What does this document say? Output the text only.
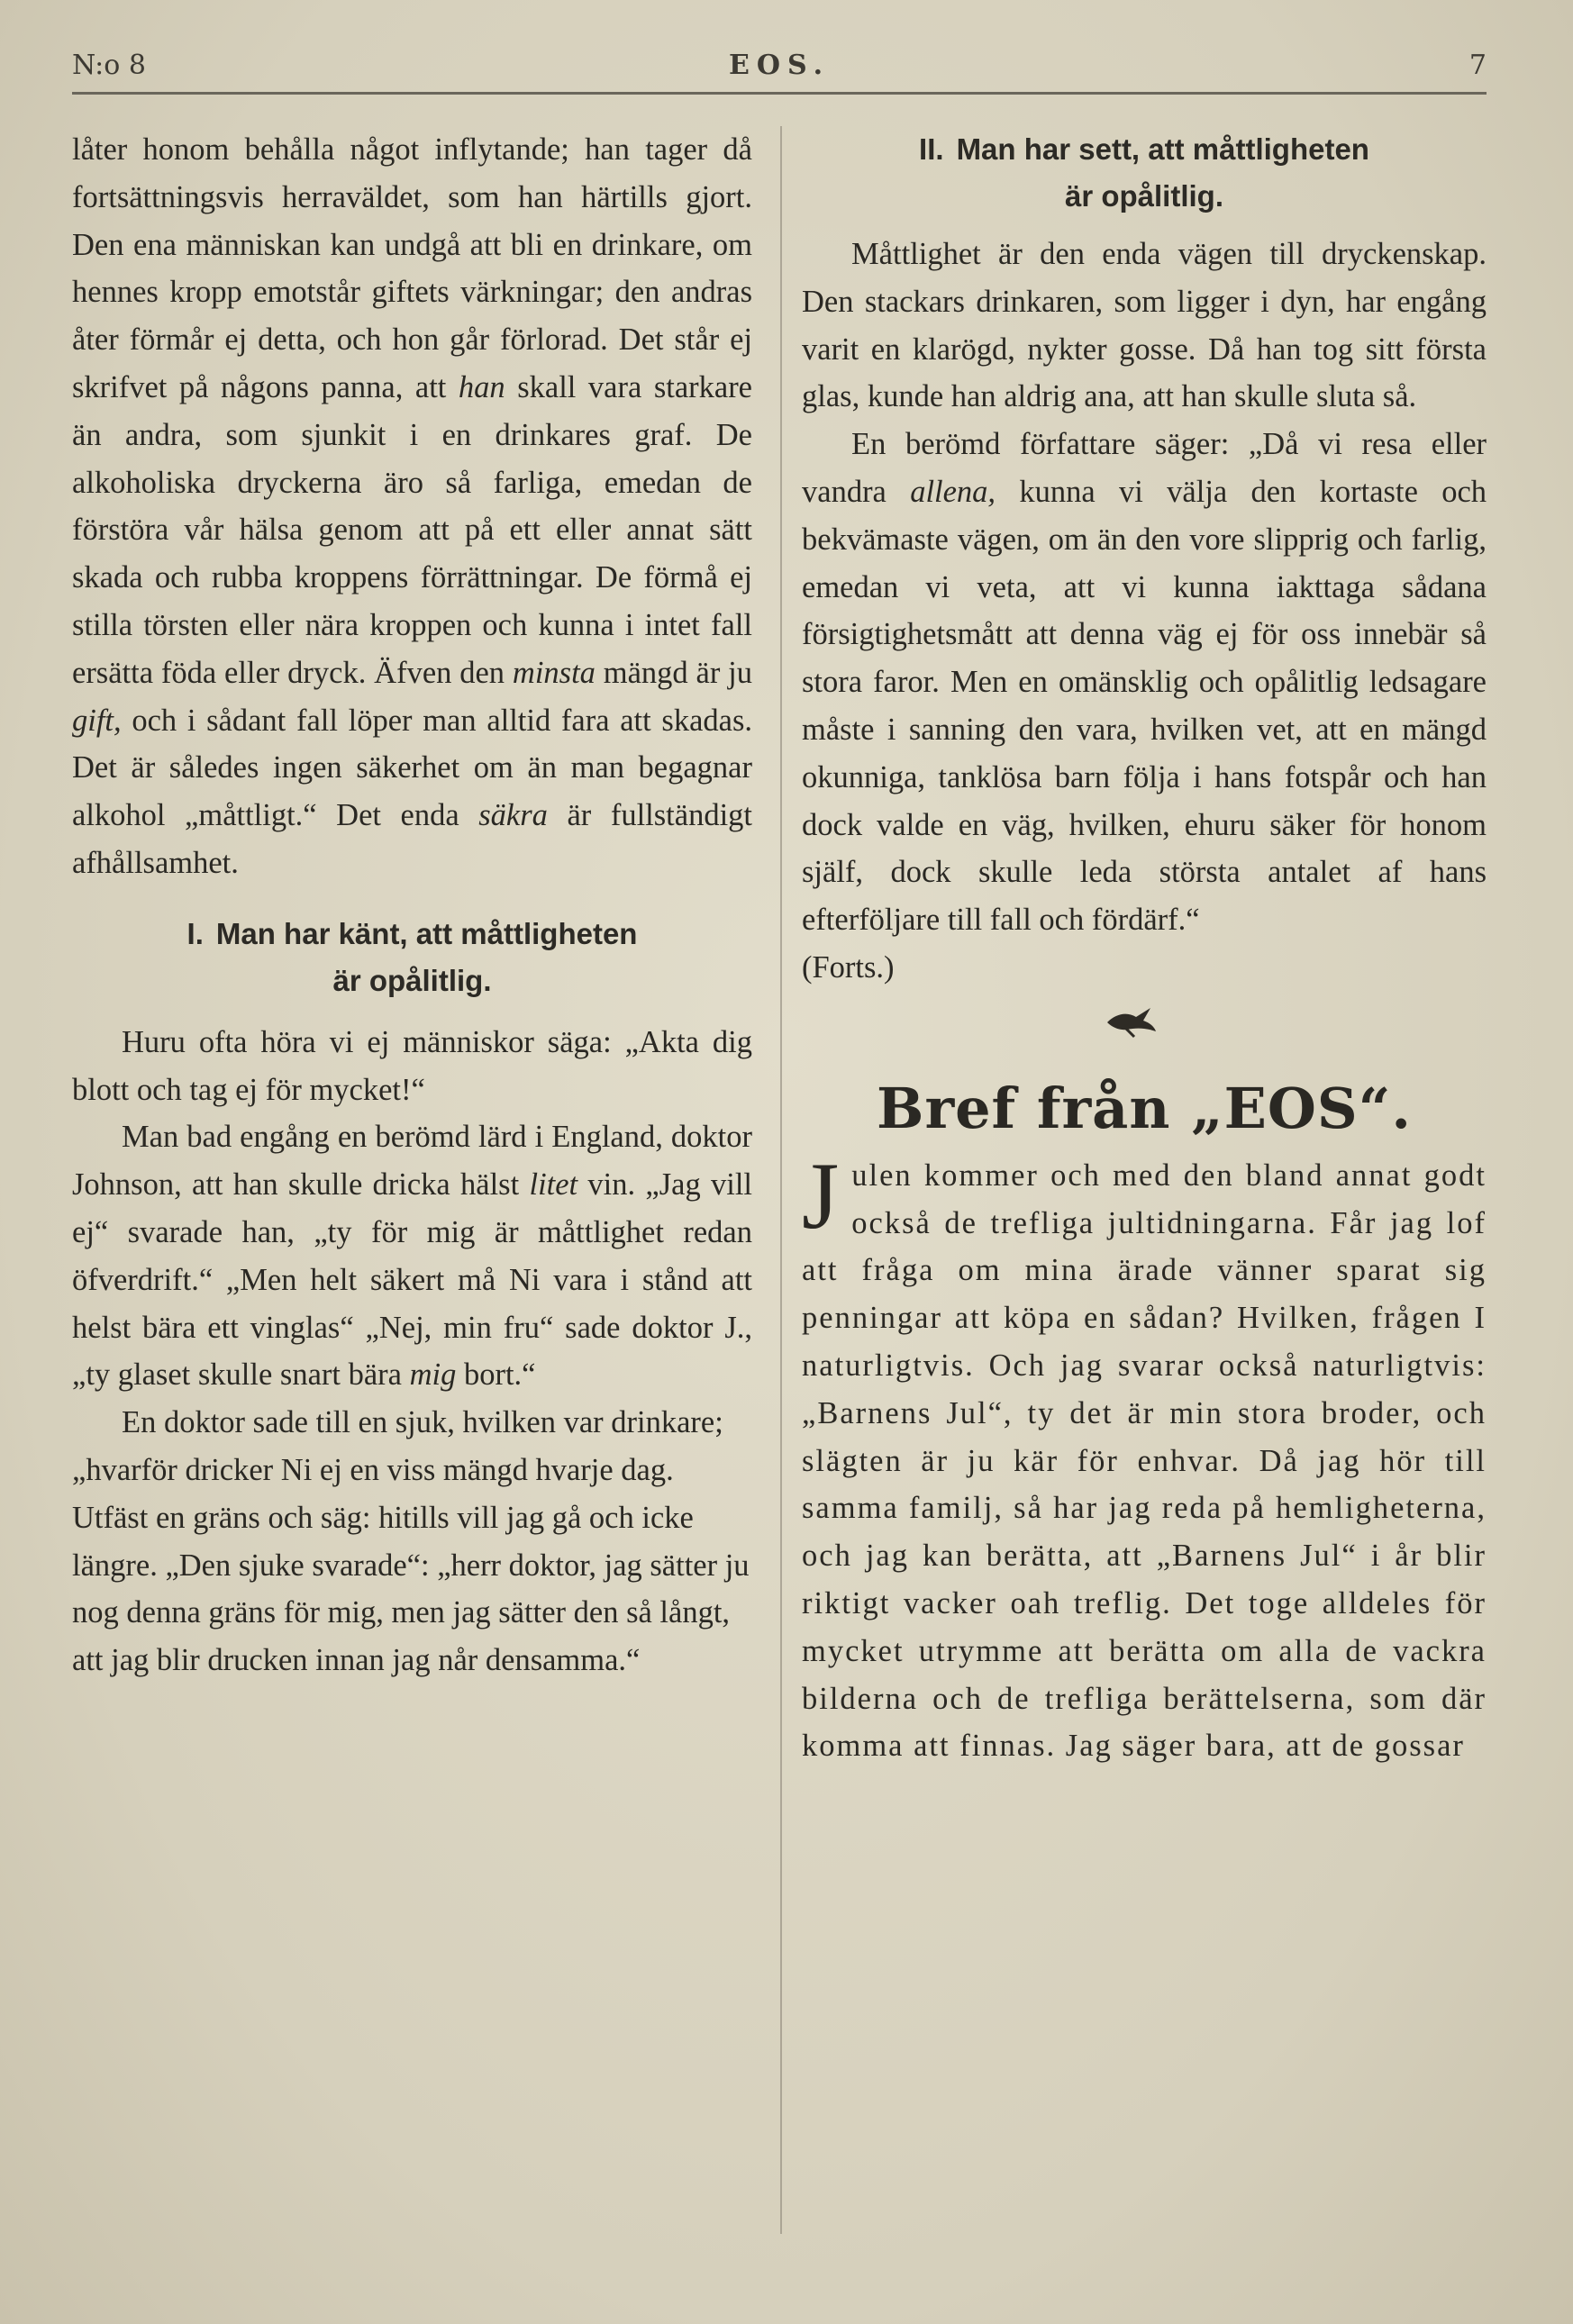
N:o 8	EOS.	7

låter honom behålla något inflytande; han tager då fortsättningsvis herraväldet, som han härtills gjort. Den ena människan kan undgå att bli en drinkare, om hennes kropp emotstår giftets värkningar; den andras åter förmår ej detta, och hon går förlorad. Det står ej skrifvet på någons panna, att han skall vara starkare än andra, som sjunkit i en drinkares graf. De alkoholiska dryckerna äro så farliga, emedan de förstöra vår hälsa genom att på ett eller annat sätt skada och rubba kroppens förrättningar. De förmå ej stilla törsten eller nära kroppen och kunna i intet fall ersätta föda eller dryck. Äfven den minsta mängd är ju gift, och i sådant fall löper man alltid fara att skadas. Det är således ingen säkerhet om än man begagnar alkohol „måttligt.“ Det enda säkra är fullständigt afhållsamhet.

I. Man har känt, att måttligheten
är opålitlig.

Huru ofta höra vi ej människor säga: „Akta dig blott och tag ej för mycket!“

Man bad engång en berömd lärd i England, doktor Johnson, att han skulle dricka hälst litet vin. „Jag vill ej“ svarade han, „ty för mig är måttlighet redan öfverdrift.“ „Men helt säkert må Ni vara i stånd att helst bära ett vinglas“ „Nej, min fru“ sade doktor J., „ty glaset skulle snart bära mig bort.“

En doktor sade till en sjuk, hvilken var drinkare; „hvarför dricker Ni ej en viss mängd hvarje dag. Utfäst en gräns och säg: hitills vill jag gå och icke längre. „Den sjuke svarade“: „herr doktor, jag sätter ju nog denna gräns för mig, men jag sätter den så långt, att jag blir drucken innan jag når densamma.“

II. Man har sett, att måttligheten
är opålitlig.

Måttlighet är den enda vägen till dryckenskap. Den stackars drinkaren, som ligger i dyn, har engång varit en klarögd, nykter gosse. Då han tog sitt första glas, kunde han aldrig ana, att han skulle sluta så.

En berömd författare säger: „Då vi resa eller vandra allena, kunna vi välja den kortaste och bekvämaste vägen, om än den vore slipprig och farlig, emedan vi veta, att vi kunna iakttaga sådana försigtighetsmått att denna väg ej för oss innebär så stora faror. Men en omänsklig och opålitlig ledsagare måste i sanning den vara, hvilken vet, att en mängd okunniga, tanklösa barn följa i hans fotspår och han dock valde en väg, hvilken, ehuru säker för honom själf, dock skulle leda största antalet af hans efterföljare till fall och fördärf.“

(Forts.)

Bref från „EOS“.
J ulen kommer och med den bland annat godt också de trefliga jultidningarna. Får jag lof att fråga om mina ärade vänner sparat sig penningar att köpa en sådan? Hvilken, frågen I naturligtvis. Och jag svarar också naturligtvis: „Barnens Jul“, ty det är min stora broder, och slägten är ju kär för enhvar. Då jag hör till samma familj, så har jag reda på hemligheterna, och jag kan berätta, att „Barnens Jul“ i år blir riktigt vacker oah treflig. Det toge alldeles för mycket utrymme att berätta om alla de vackra bilderna och de trefliga berättelserna, som där komma att finnas. Jag säger bara, att de gossar
